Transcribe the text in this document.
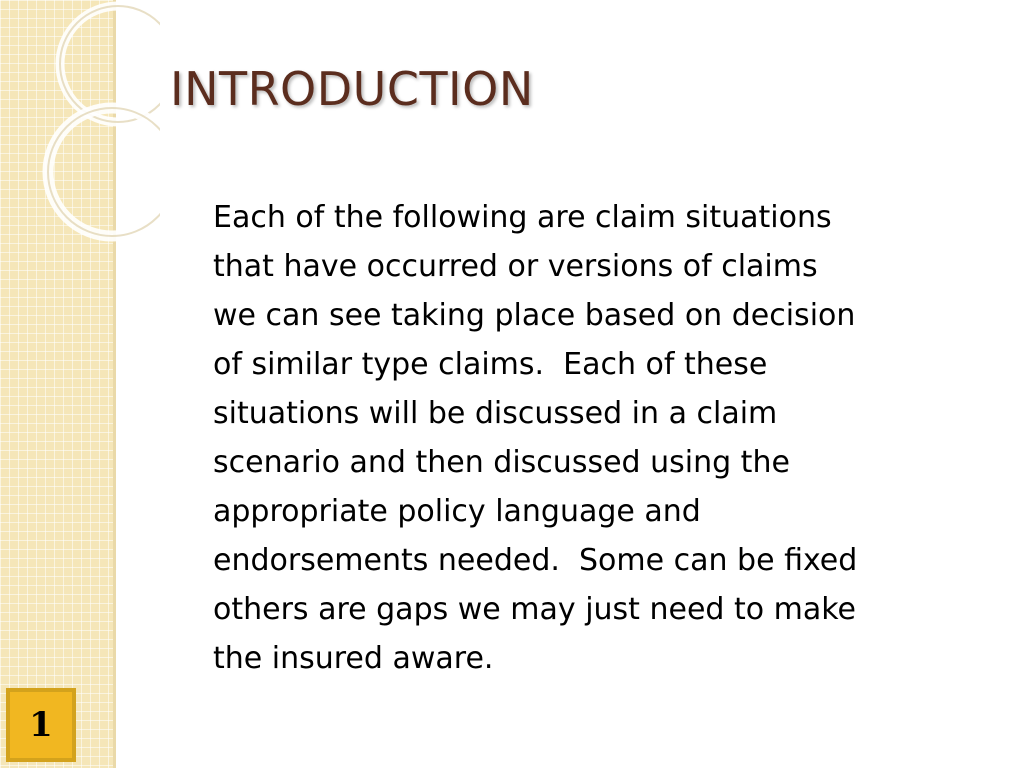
INTRODUCTION

Each of the following are claim situations
that have occurred or versions of claims
we can see taking place based on decision
of similar type claims.  Each of these
situations will be discussed in a claim
scenario and then discussed using the
appropriate policy language and
endorsements needed.  Some can be fixed
others are gaps we may just need to make
the insured aware.

1
